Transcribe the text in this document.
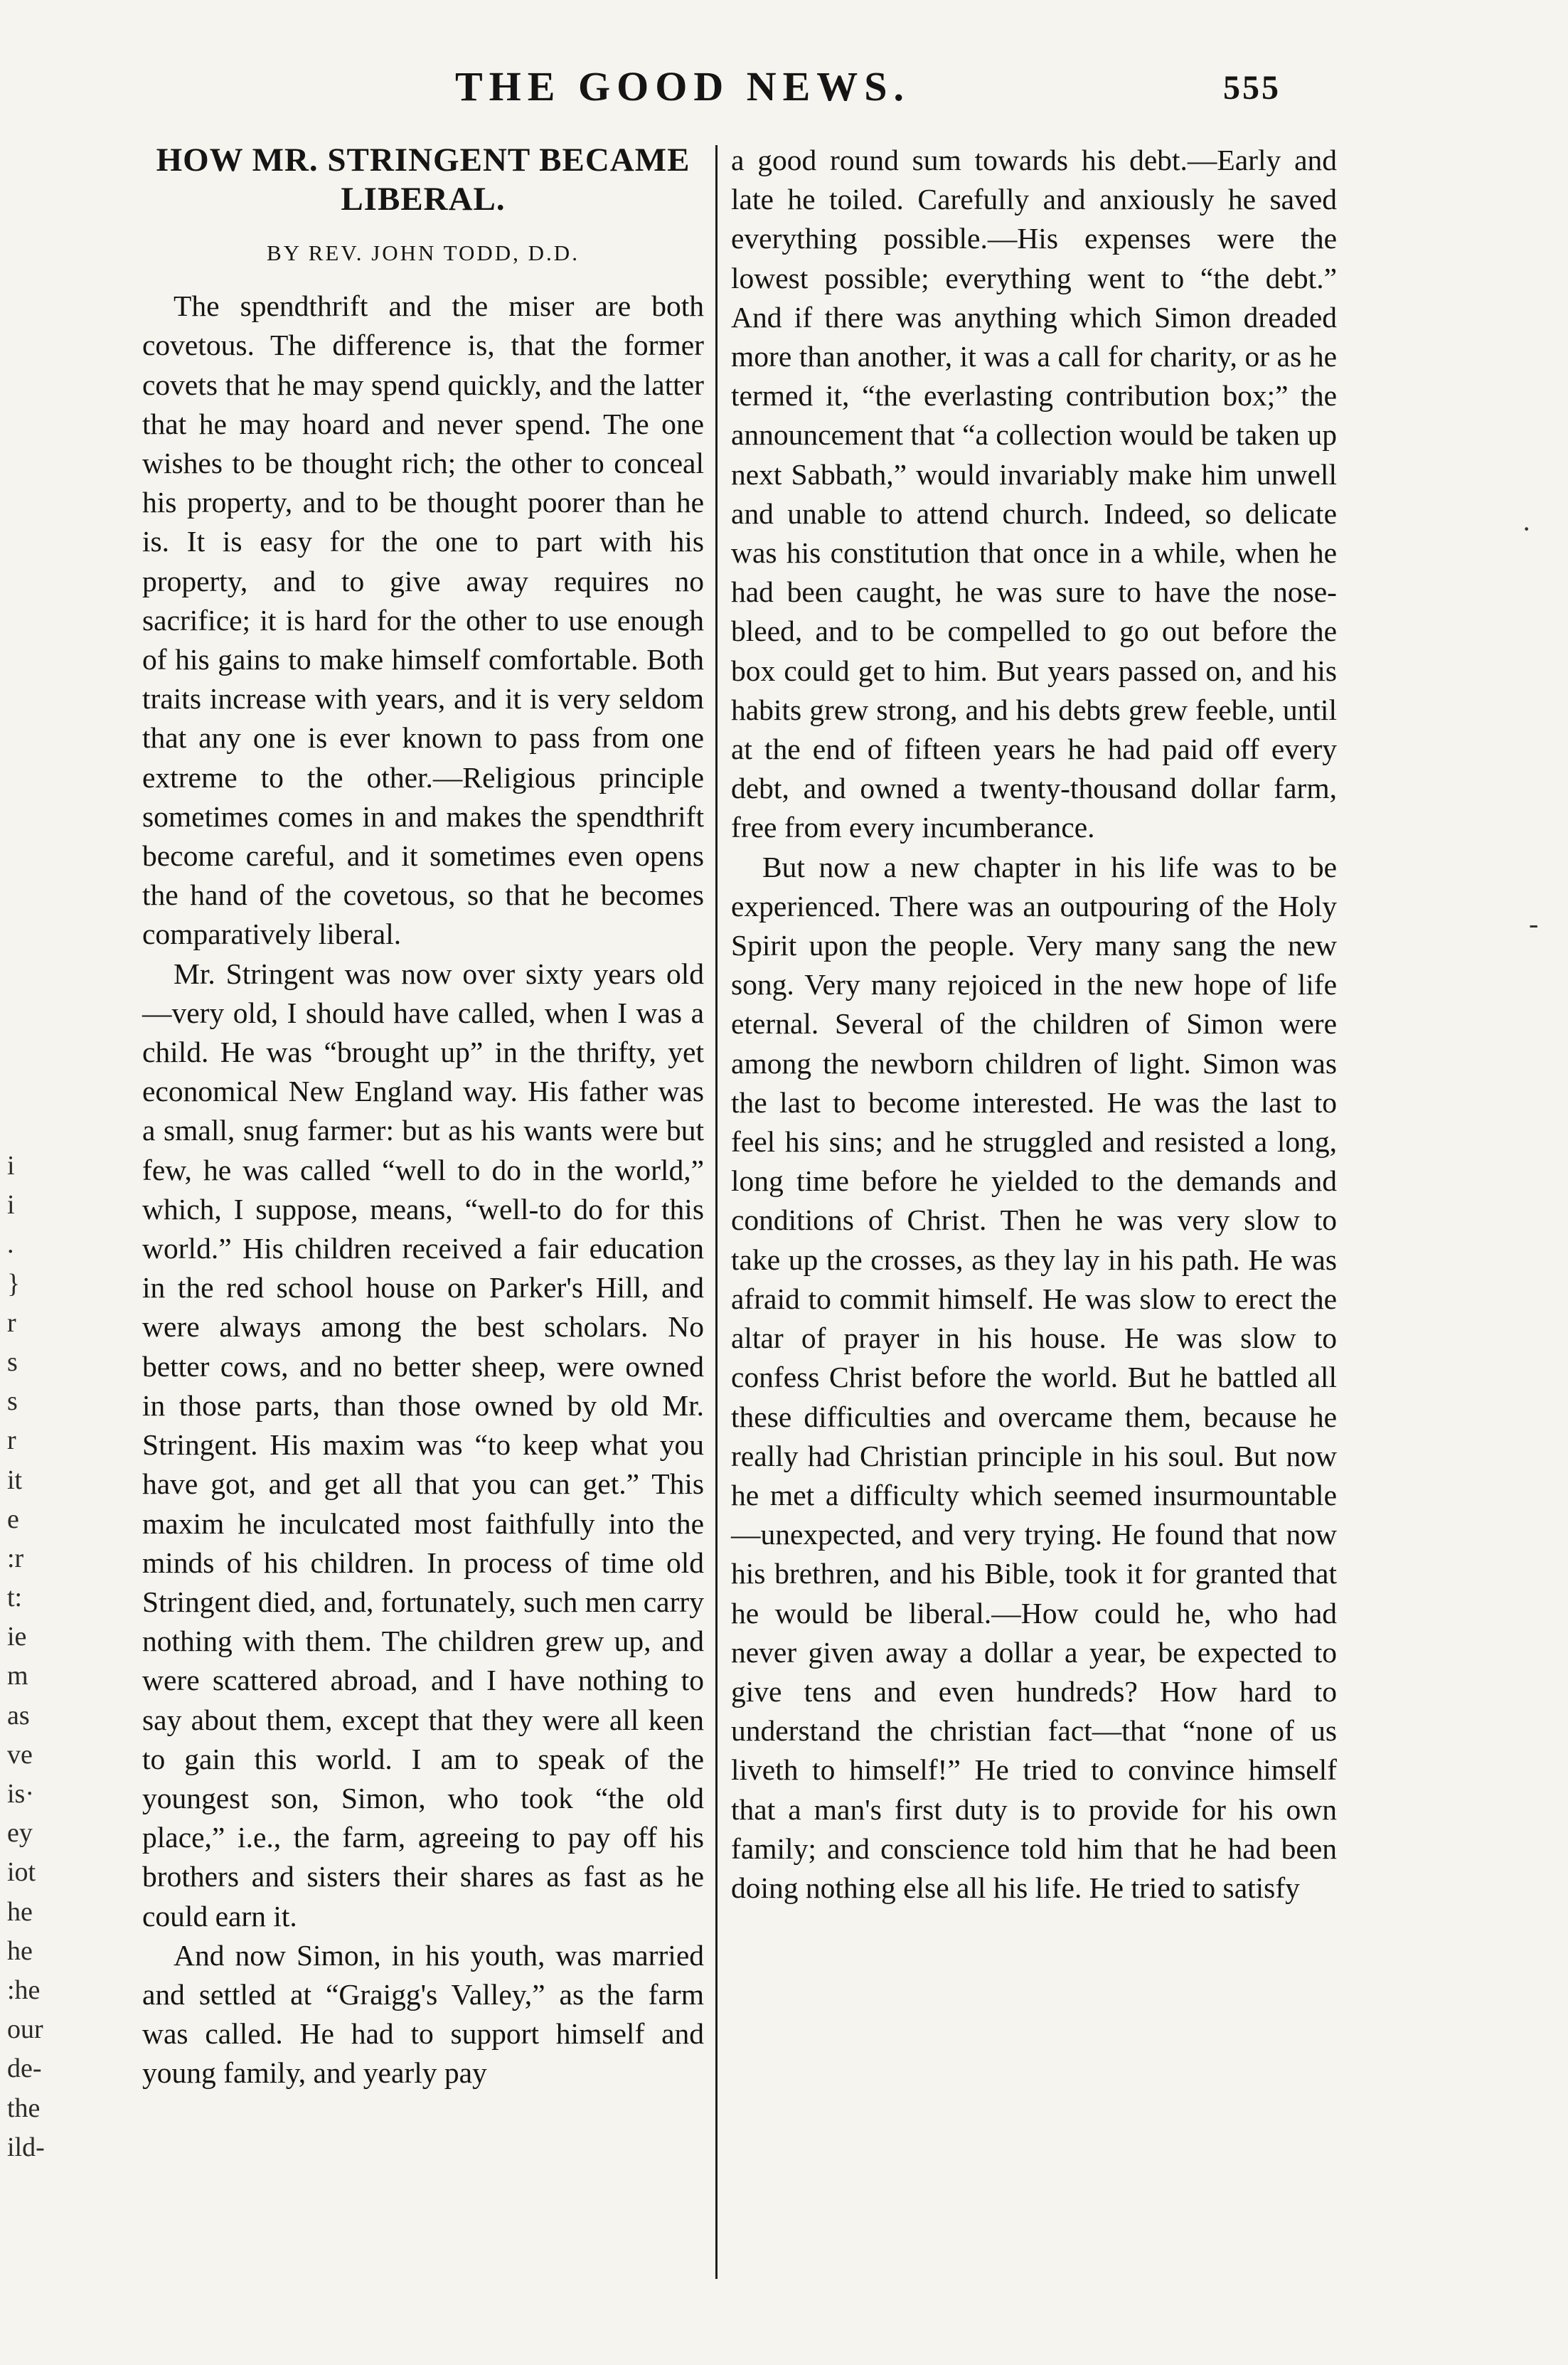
THE GOOD NEWS.	555
i
i
.
}
r
s
s
r
it
e
:r
t:
ie
m
as
ve
is·
ey
iot
he
he
:he
our
de-
the
ild-
·
-
HOW MR. STRINGENT BECAME LIBERAL.
BY REV. JOHN TODD, D.D.

The spendthrift and the miser are both covetous. The difference is, that the former covets that he may spend quickly, and the latter that he may hoard and never spend. The one wishes to be thought rich; the other to conceal his property, and to be thought poorer than he is. It is easy for the one to part with his property, and to give away requires no sacrifice; it is hard for the other to use enough of his gains to make himself comfortable. Both traits increase with years, and it is very seldom that any one is ever known to pass from one extreme to the other.—Religious principle sometimes comes in and makes the spendthrift become careful, and it sometimes even opens the hand of the covetous, so that he becomes comparatively liberal.

Mr. Stringent was now over sixty years old—very old, I should have called, when I was a child. He was “brought up” in the thrifty, yet economical New England way. His father was a small, snug farmer: but as his wants were but few, he was called “well to do in the world,” which, I suppose, means, “well-to do for this world.” His children received a fair education in the red school house on Parker's Hill, and were always among the best scholars. No better cows, and no better sheep, were owned in those parts, than those owned by old Mr. Stringent. His maxim was “to keep what you have got, and get all that you can get.” This maxim he inculcated most faithfully into the minds of his children. In process of time old Stringent died, and, fortunately, such men carry nothing with them. The children grew up, and were scattered abroad, and I have nothing to say about them, except that they were all keen to gain this world. I am to speak of the youngest son, Simon, who took “the old place,” i.e., the farm, agreeing to pay off his brothers and sisters their shares as fast as he could earn it.

And now Simon, in his youth, was married and settled at “Graigg's Valley,” as the farm was called. He had to support himself and young family, and yearly pay

a good round sum towards his debt.—Early and late he toiled. Carefully and anxiously he saved everything possible.—His expenses were the lowest possible; everything went to “the debt.” And if there was anything which Simon dreaded more than another, it was a call for charity, or as he termed it, “the everlasting contribution box;” the announcement that “a collection would be taken up next Sabbath,” would invariably make him unwell and unable to attend church. Indeed, so delicate was his constitution that once in a while, when he had been caught, he was sure to have the nose-bleed, and to be compelled to go out before the box could get to him. But years passed on, and his habits grew strong, and his debts grew feeble, until at the end of fifteen years he had paid off every debt, and owned a twenty-thousand dollar farm, free from every incumberance.

But now a new chapter in his life was to be experienced. There was an outpouring of the Holy Spirit upon the people. Very many sang the new song. Very many rejoiced in the new hope of life eternal. Several of the children of Simon were among the newborn children of light. Simon was the last to become interested. He was the last to feel his sins; and he struggled and resisted a long, long time before he yielded to the demands and conditions of Christ. Then he was very slow to take up the crosses, as they lay in his path. He was afraid to commit himself. He was slow to erect the altar of prayer in his house. He was slow to confess Christ before the world. But he battled all these difficulties and overcame them, because he really had Christian principle in his soul. But now he met a difficulty which seemed insurmountable—unexpected, and very trying. He found that now his brethren, and his Bible, took it for granted that he would be liberal.—How could he, who had never given away a dollar a year, be expected to give tens and even hundreds? How hard to understand the christian fact—that “none of us liveth to himself!” He tried to convince himself that a man's first duty is to provide for his own family; and conscience told him that he had been doing nothing else all his life. He tried to satisfy
